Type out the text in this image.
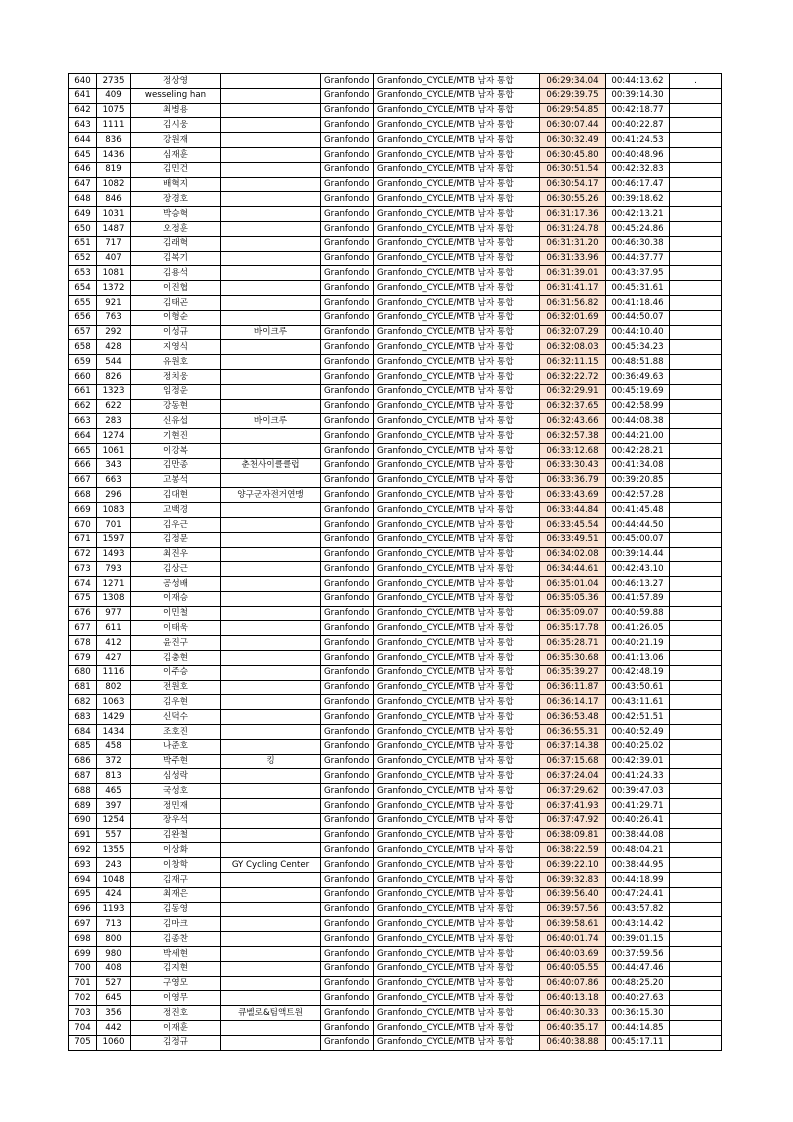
640	2735	정상영		Granfondo	Granfondo_CYCLE/MTB 남자 통합	06:29:34.04	00:44:13.62	.
641	409	wesseling han		Granfondo	Granfondo_CYCLE/MTB 남자 통합	06:29:39.75	00:39:14.30	
642	1075	최병용		Granfondo	Granfondo_CYCLE/MTB 남자 통합	06:29:54.85	00:42:18.77	
643	1111	김시웅		Granfondo	Granfondo_CYCLE/MTB 남자 통합	06:30:07.44	00:40:22.87	
644	836	강원재		Granfondo	Granfondo_CYCLE/MTB 남자 통합	06:30:32.49	00:41:24.53	
645	1436	심재훈		Granfondo	Granfondo_CYCLE/MTB 남자 통합	06:30:45.80	00:40:48.96	
646	819	김민건		Granfondo	Granfondo_CYCLE/MTB 남자 통합	06:30:51.54	00:42:32.83	
647	1082	배혁지		Granfondo	Granfondo_CYCLE/MTB 남자 통합	06:30:54.17	00:46:17.47	
648	846	장경호		Granfondo	Granfondo_CYCLE/MTB 남자 통합	06:30:55.26	00:39:18.62	
649	1031	박승혁		Granfondo	Granfondo_CYCLE/MTB 남자 통합	06:31:17.36	00:42:13.21	
650	1487	오정훈		Granfondo	Granfondo_CYCLE/MTB 남자 통합	06:31:24.78	00:45:24.86	
651	717	김래혁		Granfondo	Granfondo_CYCLE/MTB 남자 통합	06:31:31.20	00:46:30.38	
652	407	김복기		Granfondo	Granfondo_CYCLE/MTB 남자 통합	06:31:33.96	00:44:37.77	
653	1081	김용석		Granfondo	Granfondo_CYCLE/MTB 남자 통합	06:31:39.01	00:43:37.95	
654	1372	이진협		Granfondo	Granfondo_CYCLE/MTB 남자 통합	06:31:41.17	00:45:31.61	
655	921	김태곤		Granfondo	Granfondo_CYCLE/MTB 남자 통합	06:31:56.82	00:41:18.46	
656	763	이형순		Granfondo	Granfondo_CYCLE/MTB 남자 통합	06:32:01.69	00:44:50.07	
657	292	이성규	바이크루	Granfondo	Granfondo_CYCLE/MTB 남자 통합	06:32:07.29	00:44:10.40	
658	428	지영식		Granfondo	Granfondo_CYCLE/MTB 남자 통합	06:32:08.03	00:45:34.23	
659	544	유원호		Granfondo	Granfondo_CYCLE/MTB 남자 통합	06:32:11.15	00:48:51.88	
660	826	정치웅		Granfondo	Granfondo_CYCLE/MTB 남자 통합	06:32:22.72	00:36:49.63	
661	1323	임정운		Granfondo	Granfondo_CYCLE/MTB 남자 통합	06:32:29.91	00:45:19.69	
662	622	강동현		Granfondo	Granfondo_CYCLE/MTB 남자 통합	06:32:37.65	00:42:58.99	
663	283	신유섭	바이크루	Granfondo	Granfondo_CYCLE/MTB 남자 통합	06:32:43.66	00:44:08.38	
664	1274	기현진		Granfondo	Granfondo_CYCLE/MTB 남자 통합	06:32:57.38	00:44:21.00	
665	1061	이강복		Granfondo	Granfondo_CYCLE/MTB 남자 통합	06:33:12.68	00:42:28.21	
666	343	김만종	춘천사이클클럽	Granfondo	Granfondo_CYCLE/MTB 남자 통합	06:33:30.43	00:41:34.08	
667	663	고봉석		Granfondo	Granfondo_CYCLE/MTB 남자 통합	06:33:36.79	00:39:20.85	
668	296	김대현	양구군자전거연맹	Granfondo	Granfondo_CYCLE/MTB 남자 통합	06:33:43.69	00:42:57.28	
669	1083	고백경		Granfondo	Granfondo_CYCLE/MTB 남자 통합	06:33:44.84	00:41:45.48	
670	701	김우근		Granfondo	Granfondo_CYCLE/MTB 남자 통합	06:33:45.54	00:44:44.50	
671	1597	김정문		Granfondo	Granfondo_CYCLE/MTB 남자 통합	06:33:49.51	00:45:00.07	
672	1493	최진우		Granfondo	Granfondo_CYCLE/MTB 남자 통합	06:34:02.08	00:39:14.44	
673	793	김상근		Granfondo	Granfondo_CYCLE/MTB 남자 통합	06:34:44.61	00:42:43.10	
674	1271	공성배		Granfondo	Granfondo_CYCLE/MTB 남자 통합	06:35:01.04	00:46:13.27	
675	1308	이재승		Granfondo	Granfondo_CYCLE/MTB 남자 통합	06:35:05.36	00:41:57.89	
676	977	이민철		Granfondo	Granfondo_CYCLE/MTB 남자 통합	06:35:09.07	00:40:59.88	
677	611	이태욱		Granfondo	Granfondo_CYCLE/MTB 남자 통합	06:35:17.78	00:41:26.05	
678	412	윤진구		Granfondo	Granfondo_CYCLE/MTB 남자 통합	06:35:28.71	00:40:21.19	
679	427	김충현		Granfondo	Granfondo_CYCLE/MTB 남자 통합	06:35:30.68	00:41:13.06	
680	1116	이주승		Granfondo	Granfondo_CYCLE/MTB 남자 통합	06:35:39.27	00:42:48.19	
681	802	전원호		Granfondo	Granfondo_CYCLE/MTB 남자 통합	06:36:11.87	00:43:50.61	
682	1063	김우현		Granfondo	Granfondo_CYCLE/MTB 남자 통합	06:36:14.17	00:43:11.61	
683	1429	신덕수		Granfondo	Granfondo_CYCLE/MTB 남자 통합	06:36:53.48	00:42:51.51	
684	1434	조호진		Granfondo	Granfondo_CYCLE/MTB 남자 통합	06:36:55.31	00:40:52.49	
685	458	나준호		Granfondo	Granfondo_CYCLE/MTB 남자 통합	06:37:14.38	00:40:25.02	
686	372	박주현	킹	Granfondo	Granfondo_CYCLE/MTB 남자 통합	06:37:15.68	00:42:39.01	
687	813	심성락		Granfondo	Granfondo_CYCLE/MTB 남자 통합	06:37:24.04	00:41:24.33	
688	465	국성호		Granfondo	Granfondo_CYCLE/MTB 남자 통합	06:37:29.62	00:39:47.03	
689	397	정민재		Granfondo	Granfondo_CYCLE/MTB 남자 통합	06:37:41.93	00:41:29.71	
690	1254	장우석		Granfondo	Granfondo_CYCLE/MTB 남자 통합	06:37:47.92	00:40:26.41	
691	557	김완철		Granfondo	Granfondo_CYCLE/MTB 남자 통합	06:38:09.81	00:38:44.08	
692	1355	이상화		Granfondo	Granfondo_CYCLE/MTB 남자 통합	06:38:22.59	00:48:04.21	
693	243	이창학	GY Cycling Center	Granfondo	Granfondo_CYCLE/MTB 남자 통합	06:39:22.10	00:38:44.95	
694	1048	김재구		Granfondo	Granfondo_CYCLE/MTB 남자 통합	06:39:32.83	00:44:18.99	
695	424	최재은		Granfondo	Granfondo_CYCLE/MTB 남자 통합	06:39:56.40	00:47:24.41	
696	1193	김동영		Granfondo	Granfondo_CYCLE/MTB 남자 통합	06:39:57.56	00:43:57.82	
697	713	김마크		Granfondo	Granfondo_CYCLE/MTB 남자 통합	06:39:58.61	00:43:14.42	
698	800	김종찬		Granfondo	Granfondo_CYCLE/MTB 남자 통합	06:40:01.74	00:39:01.15	
699	980	박세현		Granfondo	Granfondo_CYCLE/MTB 남자 통합	06:40:03.69	00:37:59.56	
700	408	김지현		Granfondo	Granfondo_CYCLE/MTB 남자 통합	06:40:05.55	00:44:47.46	
701	527	구영모		Granfondo	Granfondo_CYCLE/MTB 남자 통합	06:40:07.86	00:48:25.20	
702	645	이영무		Granfondo	Granfondo_CYCLE/MTB 남자 통합	06:40:13.18	00:40:27.63	
703	356	정진호	큐벨로&팀액트원	Granfondo	Granfondo_CYCLE/MTB 남자 통합	06:40:30.33	00:36:15.30	
704	442	이재훈		Granfondo	Granfondo_CYCLE/MTB 남자 통합	06:40:35.17	00:44:14.85	
705	1060	김정규		Granfondo	Granfondo_CYCLE/MTB 남자 통합	06:40:38.88	00:45:17.11	
